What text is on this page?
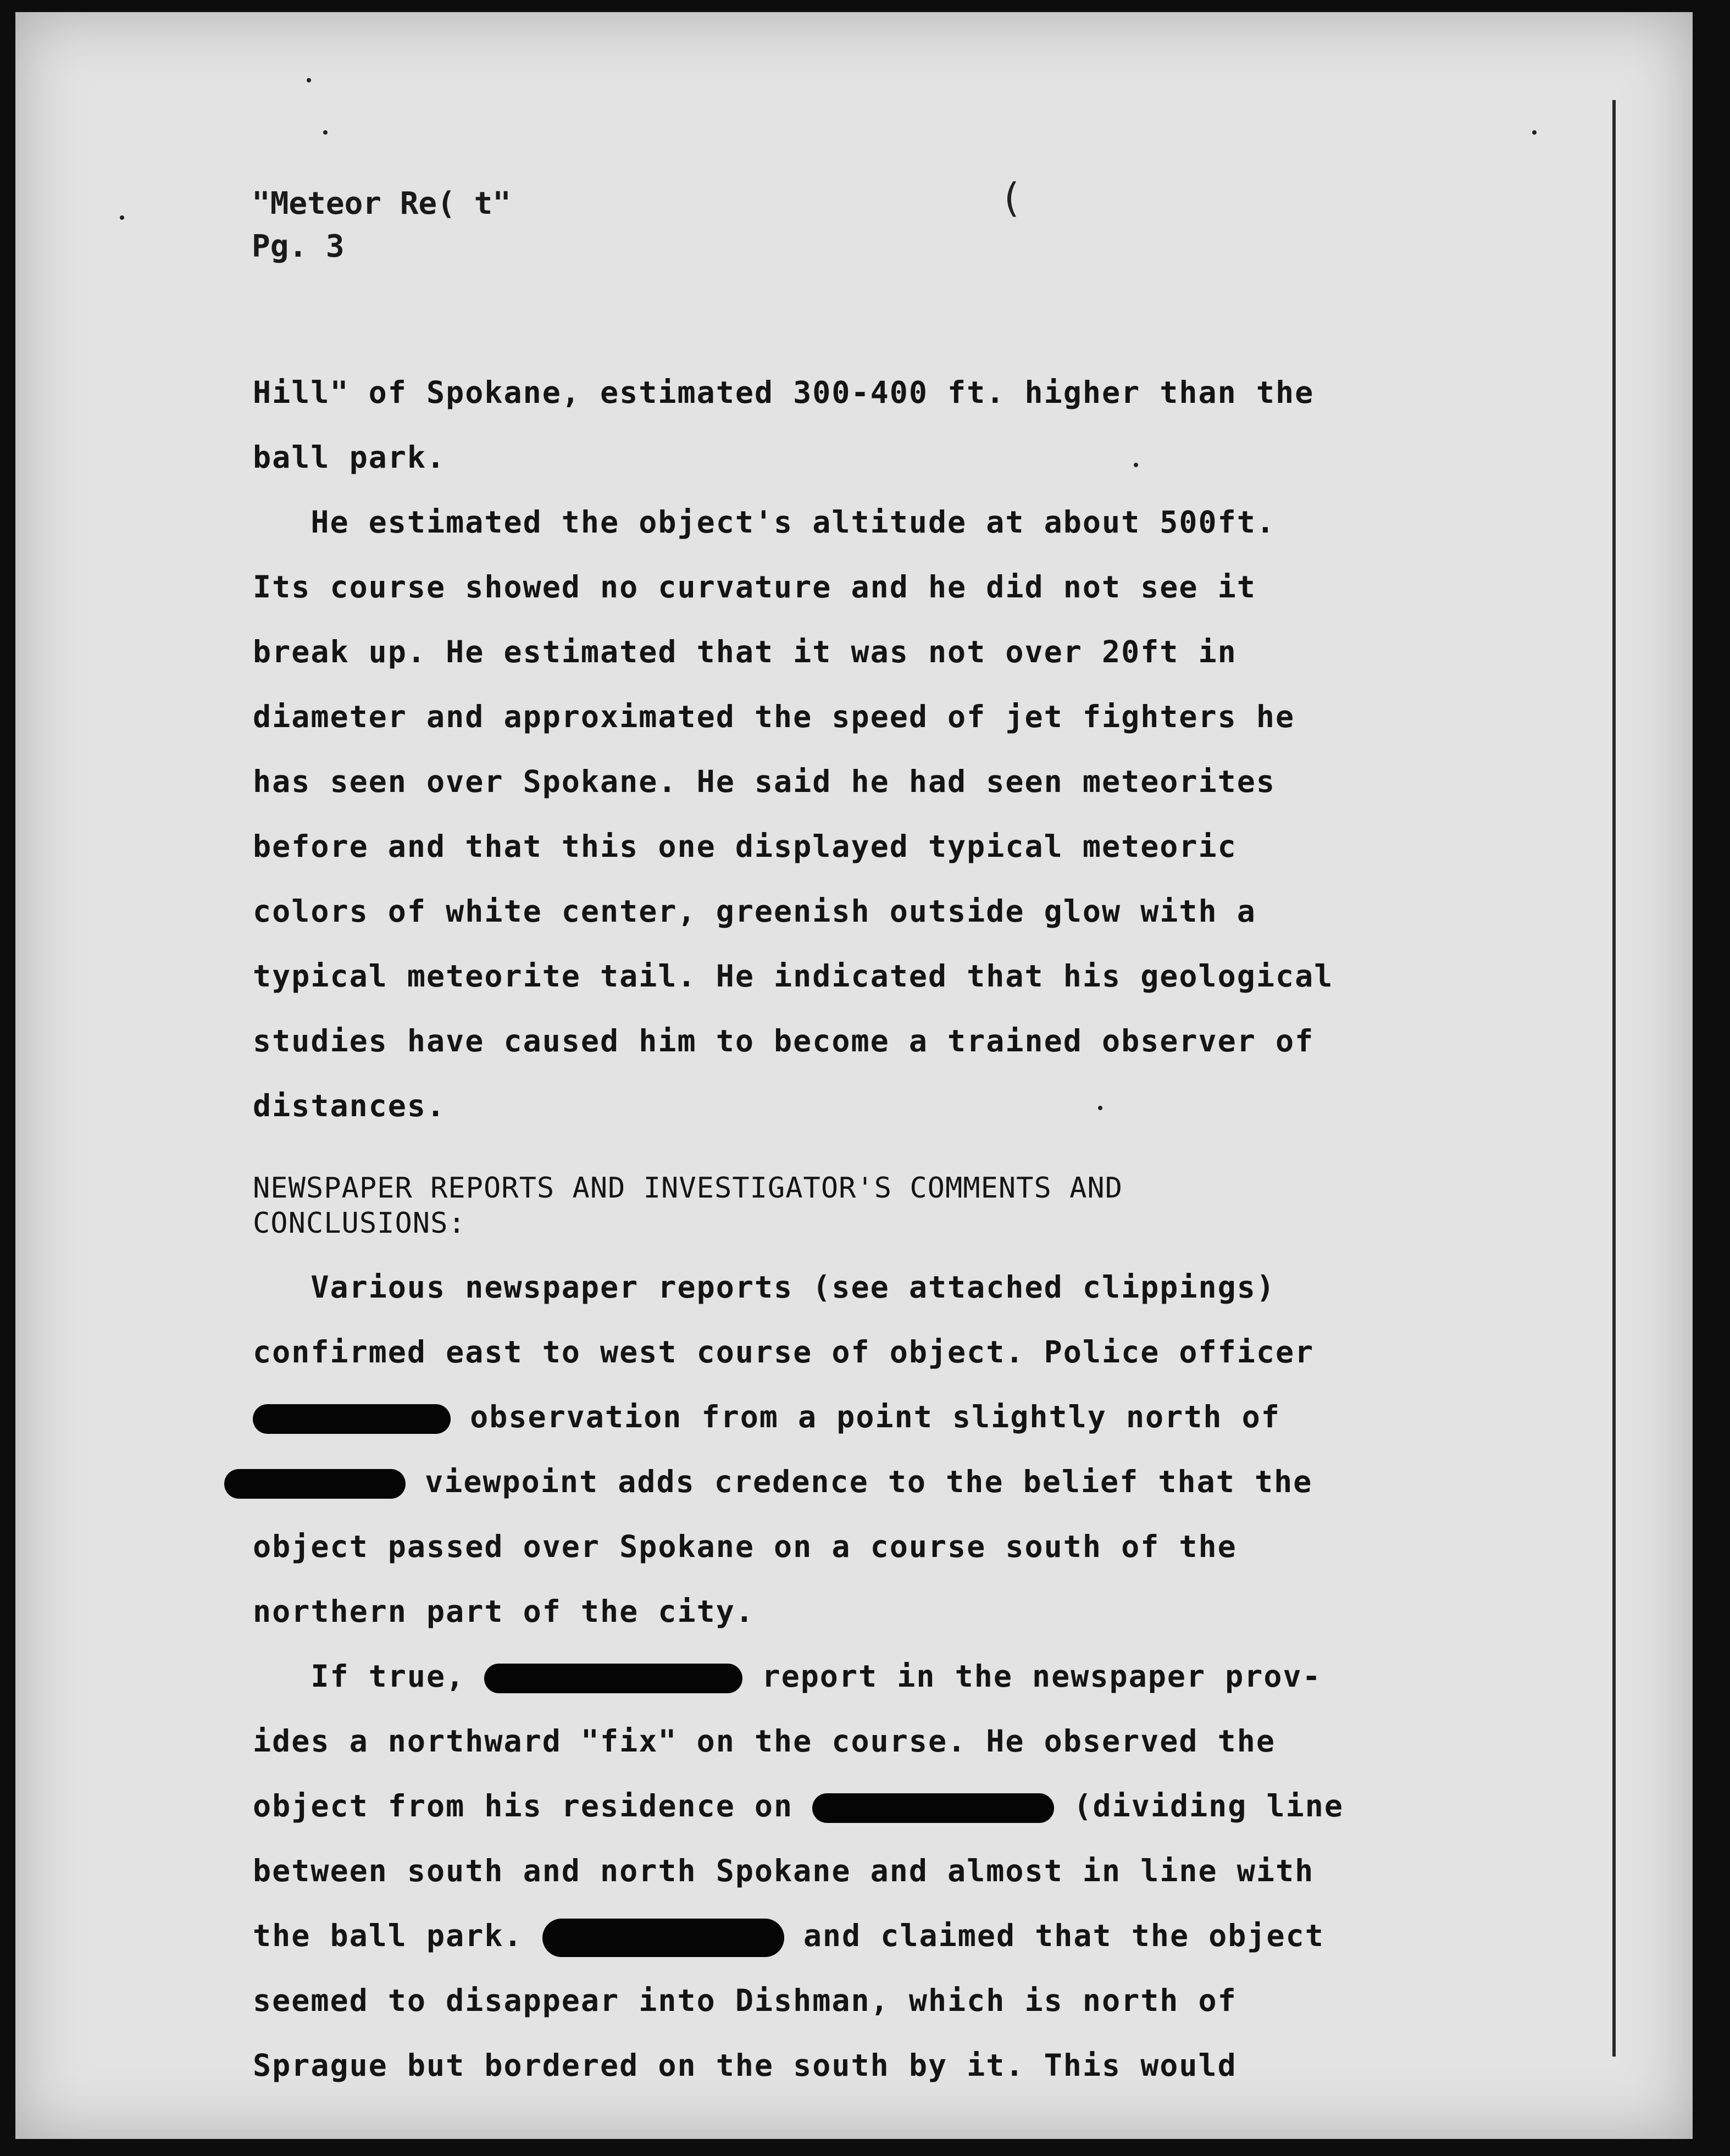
"Meteor Re( t"
Pg. 3
(
Hill" of Spokane, estimated 300-400 ft. higher than the
ball park.
He estimated the object's altitude at about 500ft.
Its course showed no curvature and he did not see it
break up. He estimated that it was not over 20ft in
diameter and approximated the speed of jet fighters he
has seen over Spokane. He said he had seen meteorites
before and that this one displayed typical meteoric
colors of white center, greenish outside glow with a
typical meteorite tail. He indicated that his geological
studies have caused him to become a trained observer of
distances.
NEWSPAPER REPORTS AND INVESTIGATOR'S COMMENTS AND
CONCLUSIONS:
Various newspaper reports (see attached clippings)
confirmed east to west course of object. Police officer
observation from a point slightly north of
viewpoint adds credence to the belief that the
object passed over Spokane on a course south of the
northern part of the city.
If true,	report in the newspaper prov-
ides a northward "fix" on the course. He observed the
object from his residence on	(dividing line
between south and north Spokane and almost in line with
the ball park.	and claimed that the object
seemed to disappear into Dishman, which is north of
Sprague but bordered on the south by it. This would
